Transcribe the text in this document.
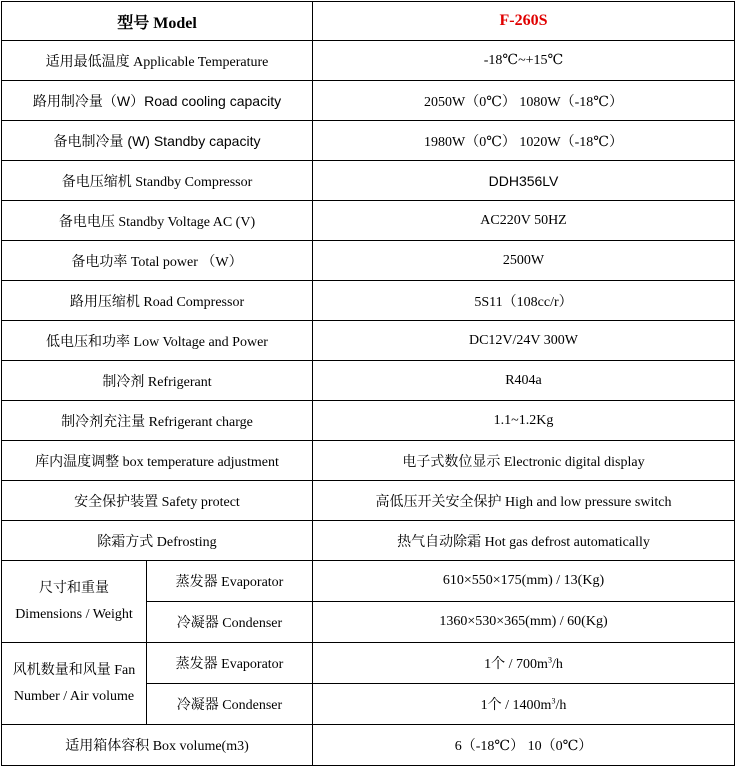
型号 Model		F-260S
适用最低温度 Applicable Temperature		-18℃~+15℃
路用制冷量（W）Road cooling capacity		2050W（0℃） 1080W（-18℃）
备电制冷量 (W) Standby capacity		1980W（0℃） 1020W（-18℃）
备电压缩机 Standby Compressor		DDH356LV
备电电压 Standby Voltage AC (V)		AC220V 50HZ
备电功率 Total power （W）		2500W
路用压缩机 Road Compressor		5S11（108cc/r）
低电压和功率 Low Voltage and Power		DC12V/24V 300W
制冷剂 Refrigerant		R404a
制冷剂充注量 Refrigerant charge		1.1~1.2Kg
库内温度调整 box temperature adjustment		电子式数位显示 Electronic digital display
安全保护装置 Safety protect		高低压开关安全保护 High and low pressure switch
除霜方式 Defrosting		热气自动除霜 Hot gas defrost automatically
尺寸和重量 Dimensions / Weight	蒸发器 Evaporator	610×550×175(mm) / 13(Kg)
	冷凝器 Condenser	1360×530×365(mm) / 60(Kg)
风机数量和风量 Fan Number / Air volume	蒸发器 Evaporator	1个 / $700m^3/h$
	冷凝器 Condenser	1个 / $1400m^3/h$
适用箱体容积 Box volume(m3)		6（-18℃） 10（0℃）
